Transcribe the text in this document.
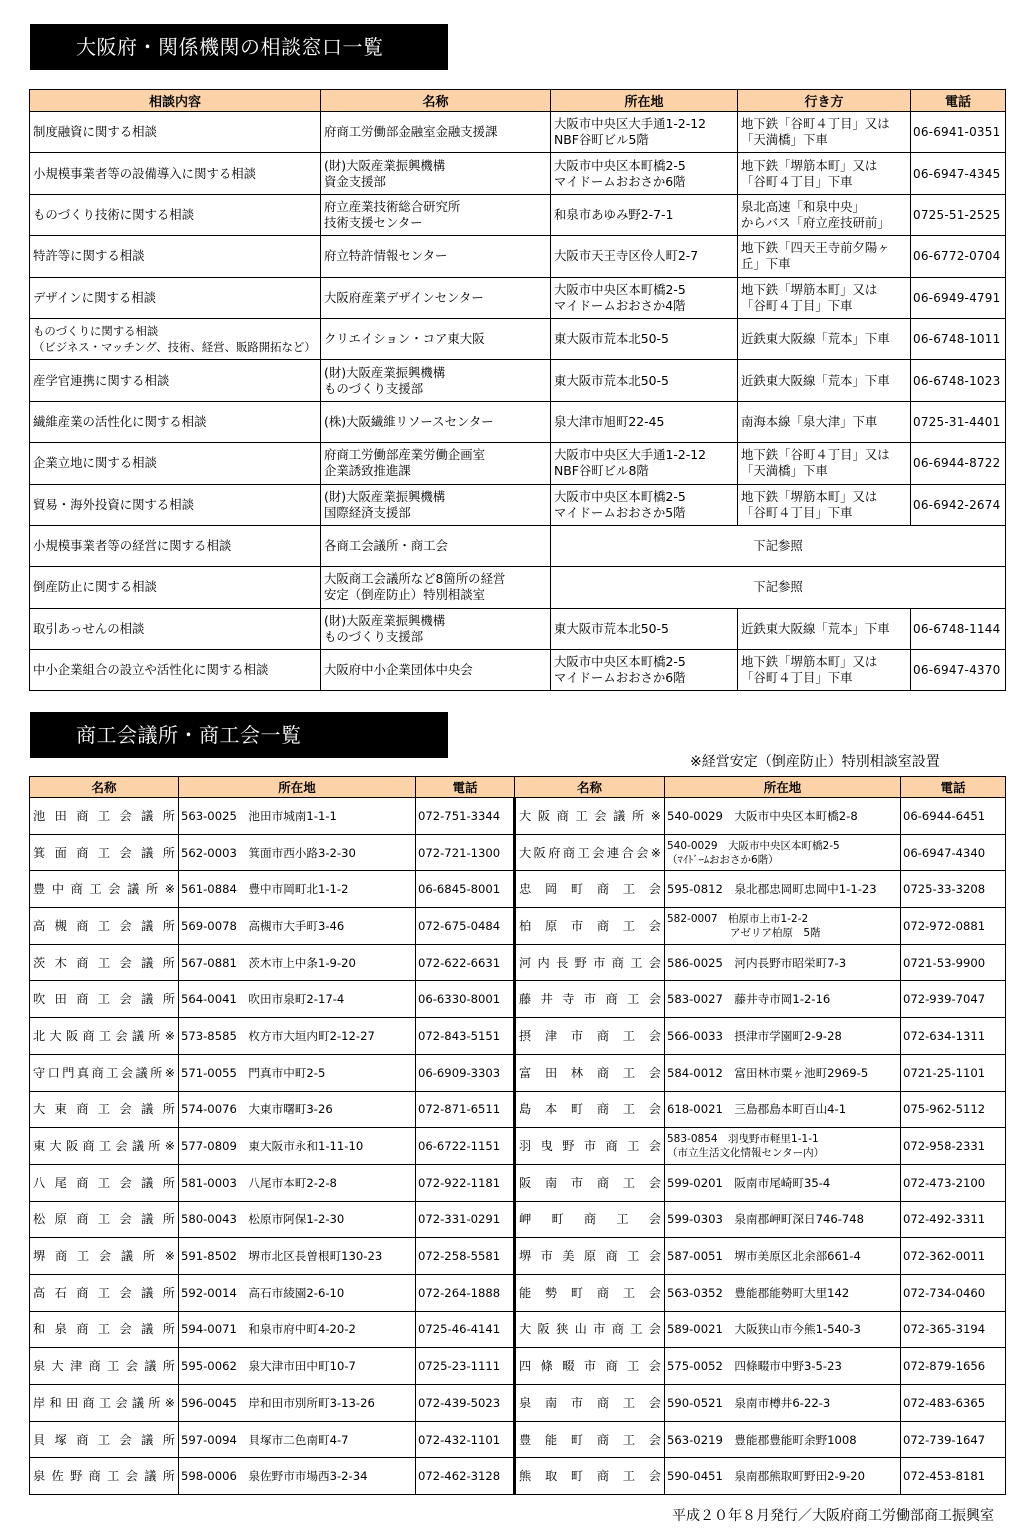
大阪府・関係機関の相談窓口一覧
相談内容	名称	所在地	行き方	電話

制度融資に関する相談	府商工労働部金融室金融支援課	大阪市中央区大手通1-2-12
NBF谷町ビル5階	地下鉄「谷町４丁目」又は
「天満橋」下車	06-6941-0351

小規模事業者等の設備導入に関する相談	(財)大阪産業振興機構
資金支援部	大阪市中央区本町橋2-5
マイドームおおさか6階	地下鉄「堺筋本町」又は
「谷町４丁目」下車	06-6947-4345

ものづくり技術に関する相談	府立産業技術総合研究所
技術支援センター	和泉市あゆみ野2-7-1	泉北高速「和泉中央」
からバス「府立産技研前」	0725-51-2525

特許等に関する相談	府立特許情報センター	大阪市天王寺区伶人町2-7	地下鉄「四天王寺前夕陽ヶ
丘」下車	06-6772-0704

デザインに関する相談	大阪府産業デザインセンター	大阪市中央区本町橋2-5
マイドームおおさか4階	地下鉄「堺筋本町」又は
「谷町４丁目」下車	06-6949-4791

ものづくりに関する相談
（ビジネス・マッチング、技術、経営、販路開拓など）	クリエイション・コア東大阪	東大阪市荒本北50-5	近鉄東大阪線「荒本」下車	06-6748-1011

産学官連携に関する相談	(財)大阪産業振興機構
ものづくり支援部	東大阪市荒本北50-5	近鉄東大阪線「荒本」下車	06-6748-1023

繊維産業の活性化に関する相談	(株)大阪繊維リソースセンター	泉大津市旭町22-45	南海本線「泉大津」下車	0725-31-4401

企業立地に関する相談	府商工労働部産業労働企画室
企業誘致推進課	大阪市中央区大手通1-2-12
NBF谷町ビル8階	地下鉄「谷町４丁目」又は
「天満橋」下車	06-6944-8722

貿易・海外投資に関する相談	(財)大阪産業振興機構
国際経済支援部	大阪市中央区本町橋2-5
マイドームおおさか5階	地下鉄「堺筋本町」又は
「谷町４丁目」下車	06-6942-2674

小規模事業者等の経営に関する相談	各商工会議所・商工会	下記参照		

倒産防止に関する相談	大阪商工会議所など8箇所の経営
安定（倒産防止）特別相談室	下記参照		

取引あっせんの相談	(財)大阪産業振興機構
ものづくり支援部	東大阪市荒本北50-5	近鉄東大阪線「荒本」下車	06-6748-1144

中小企業組合の設立や活性化に関する相談	大阪府中小企業団体中央会	大阪市中央区本町橋2-5
マイドームおおさか6階	地下鉄「堺筋本町」又は
「谷町４丁目」下車	06-6947-4370
商工会議所・商工会一覧
※経営安定（倒産防止）特別相談室設置
名称	所在地	電話	名称	所在地	電話
池田商工会議所	563-0025　池田市城南1-1-1	072-751-3344	大阪商工会議所※	540-0029　大阪市中央区本町橋2-8	06-6944-6451
箕面商工会議所	562-0003　箕面市西小路3-2-30	072-721-1300	大阪府商工会連合会※	540-0029　大阪市中央区本町橋2-5
（ﾏｲﾄﾞｰﾑおおさか6階）	06-6947-4340
豊中商工会議所※	561-0884　豊中市岡町北1-1-2	06-6845-8001	忠岡町商工会	595-0812　泉北郡忠岡町忠岡中1-1-23	0725-33-3208
高槻商工会議所	569-0078　高槻市大手町3-46	072-675-0484	柏原市商工会	582-0007　柏原市上市1-2-2
　　　　　　アゼリア柏原　5階	072-972-0881
茨木商工会議所	567-0881　茨木市上中条1-9-20	072-622-6631	河内長野市商工会	586-0025　河内長野市昭栄町7-3	0721-53-9900
吹田商工会議所	564-0041　吹田市泉町2-17-4	06-6330-8001	藤井寺市商工会	583-0027　藤井寺市岡1-2-16	072-939-7047
北大阪商工会議所※	573-8585　枚方市大垣内町2-12-27	072-843-5151	摂津市商工会	566-0033　摂津市学園町2-9-28	072-634-1311
守口門真商工会議所※	571-0055　門真市中町2-5	06-6909-3303	富田林商工会	584-0012　富田林市粟ヶ池町2969-5	0721-25-1101
大東商工会議所	574-0076　大東市曙町3-26	072-871-6511	島本町商工会	618-0021　三島郡島本町百山4-1	075-962-5112
東大阪商工会議所※	577-0809　東大阪市永和1-11-10	06-6722-1151	羽曳野市商工会	583-0854　羽曳野市軽里1-1-1
（市立生活文化情報センター内）	072-958-2331
八尾商工会議所	581-0003　八尾市本町2-2-8	072-922-1181	阪南市商工会	599-0201　阪南市尾崎町35-4	072-473-2100
松原商工会議所	580-0043　松原市阿保1-2-30	072-331-0291	岬町商工会	599-0303　泉南郡岬町深日746-748	072-492-3311
堺商工会議所※	591-8502　堺市北区長曽根町130-23	072-258-5581	堺市美原商工会	587-0051　堺市美原区北余部661-4	072-362-0011
高石商工会議所	592-0014　高石市綾園2-6-10	072-264-1888	能勢町商工会	563-0352　豊能郡能勢町大里142	072-734-0460
和泉商工会議所	594-0071　和泉市府中町4-20-2	0725-46-4141	大阪狭山市商工会	589-0021　大阪狭山市今熊1-540-3	072-365-3194
泉大津商工会議所	595-0062　泉大津市田中町10-7	0725-23-1111	四條畷市商工会	575-0052　四條畷市中野3-5-23	072-879-1656
岸和田商工会議所※	596-0045　岸和田市別所町3-13-26	072-439-5023	泉南市商工会	590-0521　泉南市樽井6-22-3	072-483-6365
貝塚商工会議所	597-0094　貝塚市二色南町4-7	072-432-1101	豊能町商工会	563-0219　豊能郡豊能町余野1008	072-739-1647
泉佐野商工会議所	598-0006　泉佐野市市場西3-2-34	072-462-3128	熊取町商工会	590-0451　泉南郡熊取町野田2-9-20	072-453-8181
平成２０年８月発行／大阪府商工労働部商工振興室
